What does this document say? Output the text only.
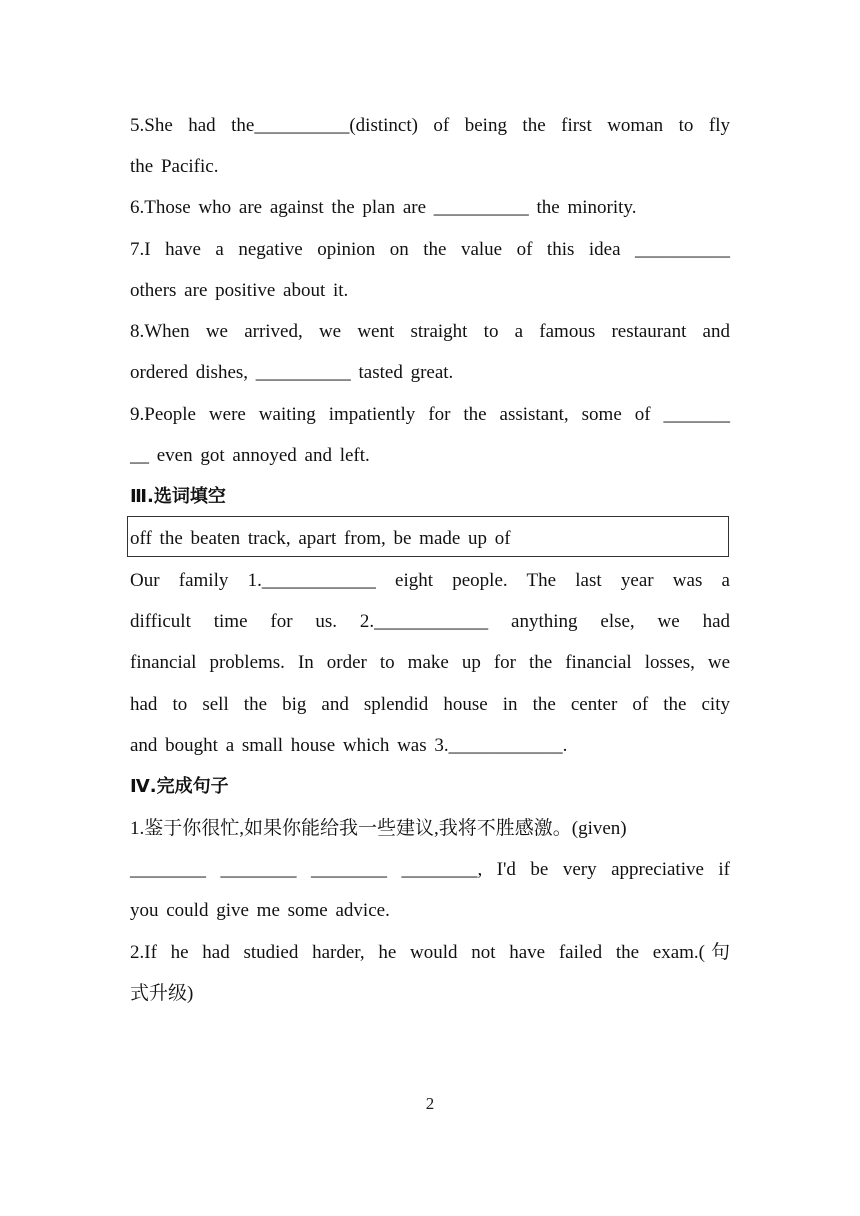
5.She had the__________(distinct) of being the first woman to fly
the Pacific.
6.Those who are against the plan are __________ the minority.
7.I have a negative opinion on the value of this idea __________
others are positive about it.
8.When we arrived, we went straight to a famous restaurant and
ordered dishes, __________ tasted great.
9.People were waiting impatiently for the assistant, some of _______
__ even got annoyed and left.
Ⅲ.选词填空
off the beaten track, apart from, be made up of
Our family 1.____________ eight people. The last year was a
difficult time for us. 2.____________ anything else, we had
financial problems. In order to make up for the financial losses, we
had to sell the big and splendid house in the center of the city
and bought a small house which was 3.____________.
Ⅳ.完成句子
1.鉴于你很忙,如果你能给我一些建议,我将不胜感激。(given)
________ ________ ________ ________, I'd be very appreciative if
you could give me some advice.
2.If he had studied harder, he would not have failed the exam.(句
式升级)
2
